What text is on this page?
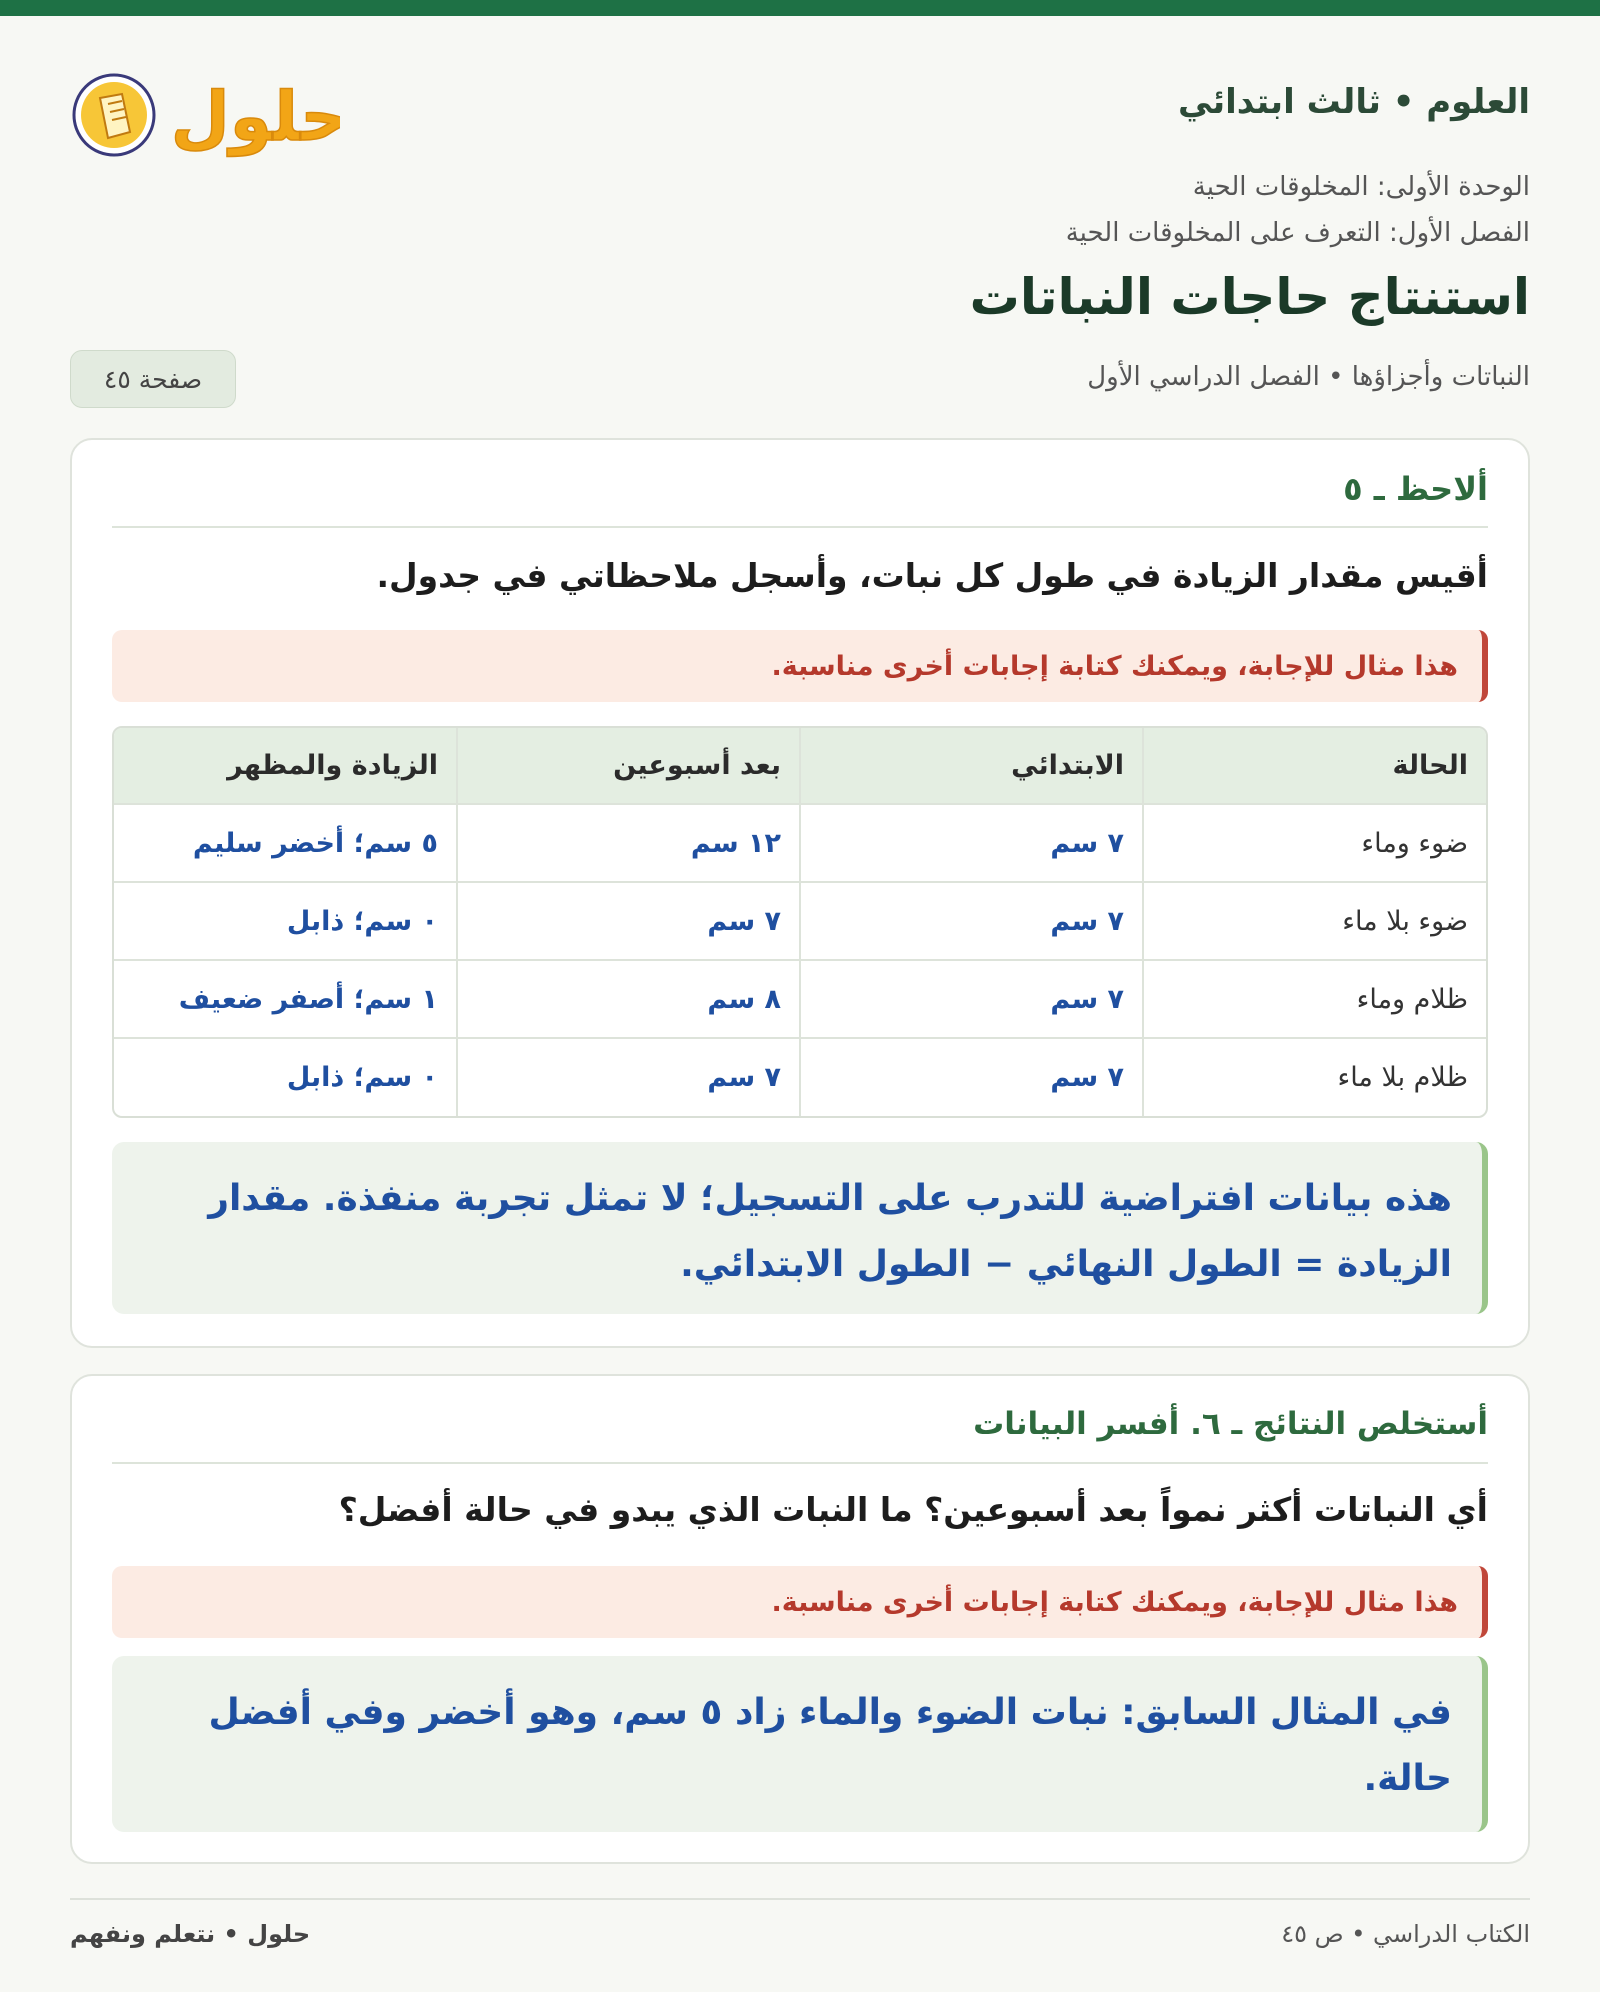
حلول	العلوم • ثالث ابتدائي
الوحدة الأولى: المخلوقات الحية
الفصل الأول: التعرف على المخلوقات الحية
استنتاج حاجات النباتات
النباتات وأجزاؤها • الفصل الدراسي الأول
صفحة ٤٥
ألاحظ ـ ٥
أقيس مقدار الزيادة في طول كل نبات، وأسجل ملاحظاتي في جدول.
هذا مثال للإجابة، ويمكنك كتابة إجابات أخرى مناسبة.
الحالة	الابتدائي	بعد أسبوعين	الزيادة والمظهر
ضوء وماء	٧ سم	١٢ سم	٥ سم؛ أخضر سليم
ضوء بلا ماء	٧ سم	٧ سم	٠ سم؛ ذابل
ظلام وماء	٧ سم	٨ سم	١ سم؛ أصفر ضعيف
ظلام بلا ماء	٧ سم	٧ سم	٠ سم؛ ذابل
هذه بيانات افتراضية للتدرب على التسجيل؛ لا تمثل تجربة منفذة. مقدار الزيادة = الطول النهائي − الطول الابتدائي.
أستخلص النتائج ـ ٦. أفسر البيانات
أي النباتات أكثر نمواً بعد أسبوعين؟ ما النبات الذي يبدو في حالة أفضل؟
هذا مثال للإجابة، ويمكنك كتابة إجابات أخرى مناسبة.
في المثال السابق: نبات الضوء والماء زاد ٥ سم، وهو أخضر وفي أفضل حالة.
الكتاب الدراسي • ص ٤٥
حلول • نتعلم ونفهم
